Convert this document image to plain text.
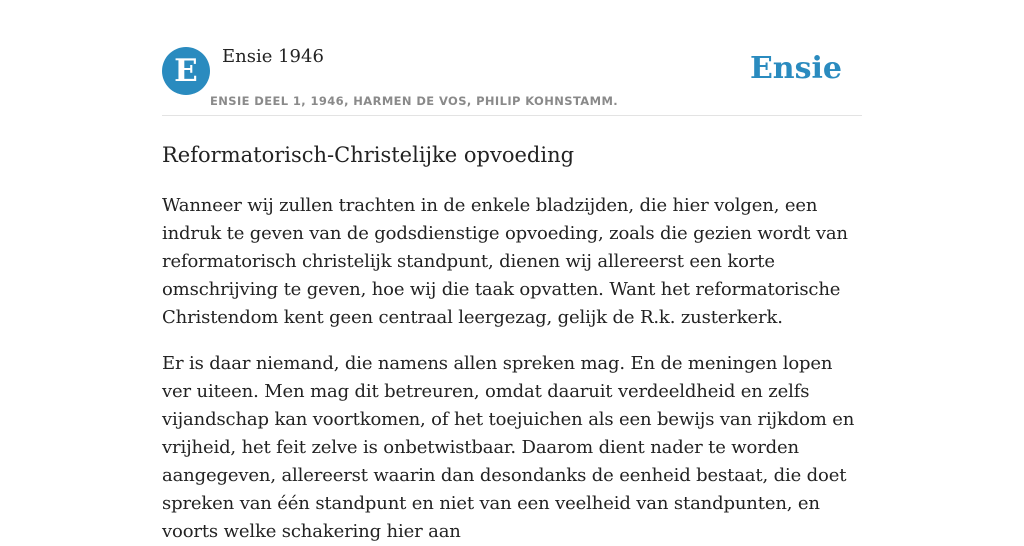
E	Ensie 1946
ENSIE DEEL 1, 1946, HARMEN DE VOS, PHILIP KOHNSTAMM.
Ensie
Reformatorisch-Christelijke opvoeding

Wanneer wij zullen trachten in de enkele bladzijden, die hier volgen, een indruk te geven van de godsdienstige opvoeding, zoals die gezien wordt van reformatorisch christelijk standpunt, dienen wij allereerst een korte omschrijving te geven, hoe wij die taak opvatten. Want het reformatorische Christendom kent geen centraal leergezag, gelijk de R.k. zusterkerk.

Er is daar niemand, die namens allen spreken mag. En de meningen lopen ver uiteen. Men mag dit betreuren, omdat daaruit verdeeldheid en zelfs vijandschap kan voortkomen, of het toejuichen als een bewijs van rijkdom en vrijheid, het feit zelve is onbetwistbaar. Daarom dient nader te worden aangegeven, allereerst waarin dan desondanks de eenheid bestaat, die doet spreken van één standpunt en niet van een veelheid van standpunten, en voorts welke schakering hier aan
